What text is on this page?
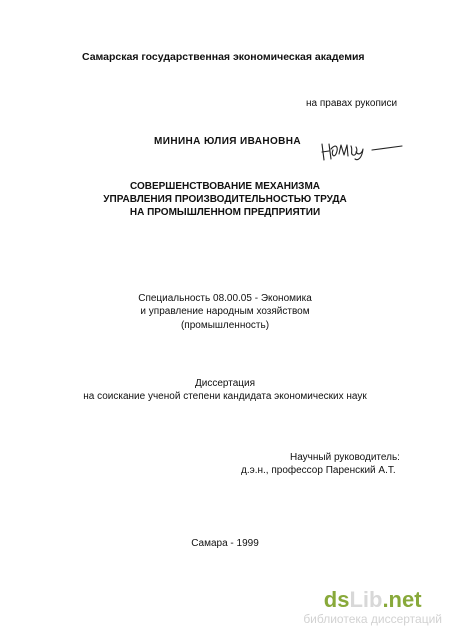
Самарская государственная экономическая академия
на правах рукописи
МИНИНА ЮЛИЯ ИВАНОВНА
СОВЕРШЕНСТВОВАНИЕ МЕХАНИЗМА
УПРАВЛЕНИЯ ПРОИЗВОДИТЕЛЬНОСТЬЮ ТРУДА
НА ПРОМЫШЛЕННОМ ПРЕДПРИЯТИИ
Специальность 08.00.05 - Экономика
и управление народным хозяйством
(промышленность)
Диссертация
на соискание ученой степени кандидата экономических наук
Научный руководитель:
д.э.н., профессор Паренский А.Т.
Самара - 1999
dsLib.net
библиотека диссертаций
